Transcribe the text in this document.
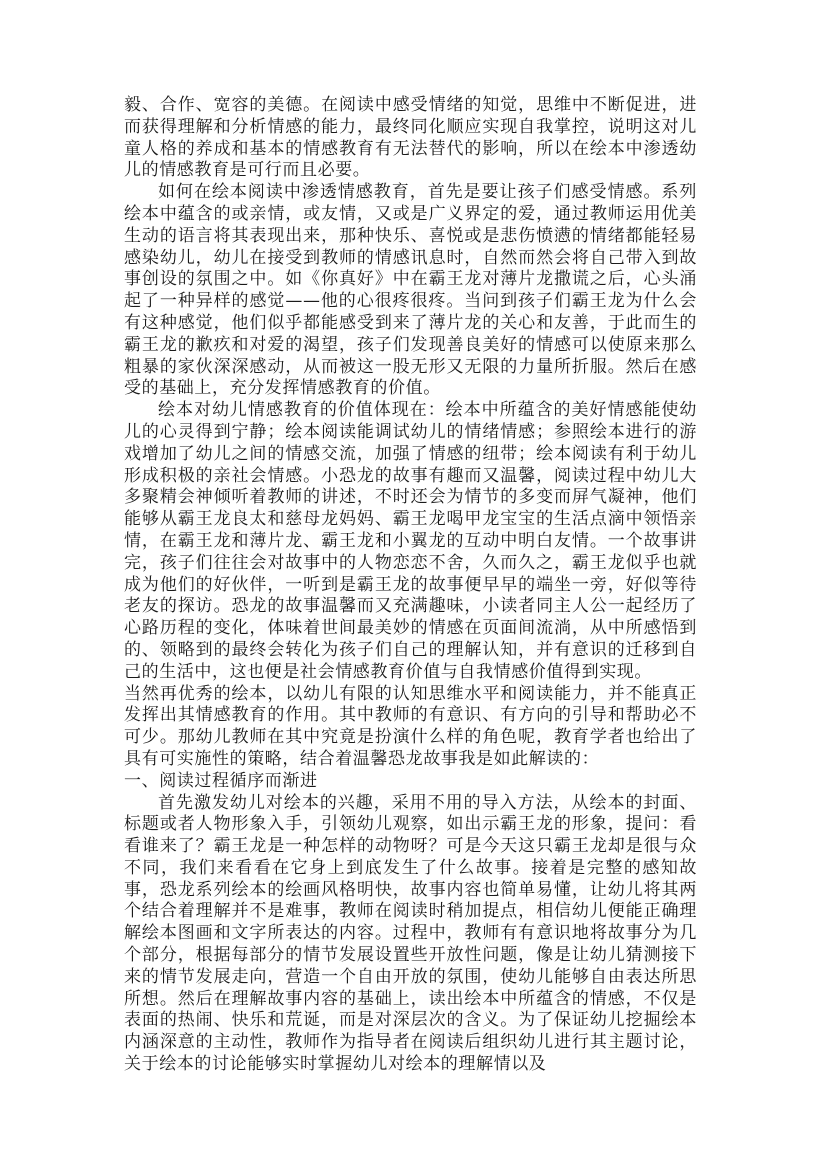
毅、合作、宽容的美德。在阅读中感受情绪的知觉，思维中不断促进，进而获得理解和分析情感的能力，最终同化顺应实现自我掌控，说明这对儿童人格的养成和基本的情感教育有无法替代的影响，所以在绘本中渗透幼儿的情感教育是可行而且必要。

如何在绘本阅读中渗透情感教育，首先是要让孩子们感受情感。系列绘本中蕴含的或亲情，或友情，又或是广义界定的爱，通过教师运用优美生动的语言将其表现出来，那种快乐、喜悦或是悲伤愤懑的情绪都能轻易感染幼儿，幼儿在接受到教师的情感讯息时，自然而然会将自己带入到故事创设的氛围之中。如《你真好》中在霸王龙对薄片龙撒谎之后，心头涌起了一种异样的感觉——他的心很疼很疼。当问到孩子们霸王龙为什么会有这种感觉，他们似乎都能感受到来了薄片龙的关心和友善，于此而生的霸王龙的歉疚和对爱的渴望，孩子们发现善良美好的情感可以使原来那么粗暴的家伙深深感动，从而被这一股无形又无限的力量所折服。然后在感受的基础上，充分发挥情感教育的价值。

绘本对幼儿情感教育的价值体现在：绘本中所蕴含的美好情感能使幼儿的心灵得到宁静；绘本阅读能调试幼儿的情绪情感；参照绘本进行的游戏增加了幼儿之间的情感交流，加强了情感的纽带；绘本阅读有利于幼儿形成积极的亲社会情感。小恐龙的故事有趣而又温馨，阅读过程中幼儿大多聚精会神倾听着教师的讲述，不时还会为情节的多变而屏气凝神，他们能够从霸王龙良太和慈母龙妈妈、霸王龙喝甲龙宝宝的生活点滴中领悟亲情，在霸王龙和薄片龙、霸王龙和小翼龙的互动中明白友情。一个故事讲完，孩子们往往会对故事中的人物恋恋不舍，久而久之，霸王龙似乎也就成为他们的好伙伴，一听到是霸王龙的故事便早早的端坐一旁，好似等待老友的探访。恐龙的故事温馨而又充满趣味，小读者同主人公一起经历了心路历程的变化，体味着世间最美妙的情感在页面间流淌，从中所感悟到的、领略到的最终会转化为孩子们自己的理解认知，并有意识的迁移到自己的生活中，这也便是社会情感教育价值与自我情感价值得到实现。

当然再优秀的绘本，以幼儿有限的认知思维水平和阅读能力，并不能真正发挥出其情感教育的作用。其中教师的有意识、有方向的引导和帮助必不可少。那幼儿教师在其中究竟是扮演什么样的角色呢，教育学者也给出了具有可实施性的策略，结合着温馨恐龙故事我是如此解读的：

一、阅读过程循序而渐进

首先激发幼儿对绘本的兴趣，采用不用的导入方法，从绘本的封面、标题或者人物形象入手，引领幼儿观察，如出示霸王龙的形象，提问：看看谁来了？霸王龙是一种怎样的动物呀？可是今天这只霸王龙却是很与众不同，我们来看看在它身上到底发生了什么故事。接着是完整的感知故事，恐龙系列绘本的绘画风格明快，故事内容也简单易懂，让幼儿将其两个结合着理解并不是难事，教师在阅读时稍加提点，相信幼儿便能正确理解绘本图画和文字所表达的内容。过程中，教师有有意识地将故事分为几个部分，根据每部分的情节发展设置些开放性问题，像是让幼儿猜测接下来的情节发展走向，营造一个自由开放的氛围，使幼儿能够自由表达所思所想。然后在理解故事内容的基础上，读出绘本中所蕴含的情感，不仅是表面的热闹、快乐和荒诞，而是对深层次的含义。为了保证幼儿挖掘绘本内涵深意的主动性，教师作为指导者在阅读后组织幼儿进行其主题讨论，关于绘本的讨论能够实时掌握幼儿对绘本的理解情以及
